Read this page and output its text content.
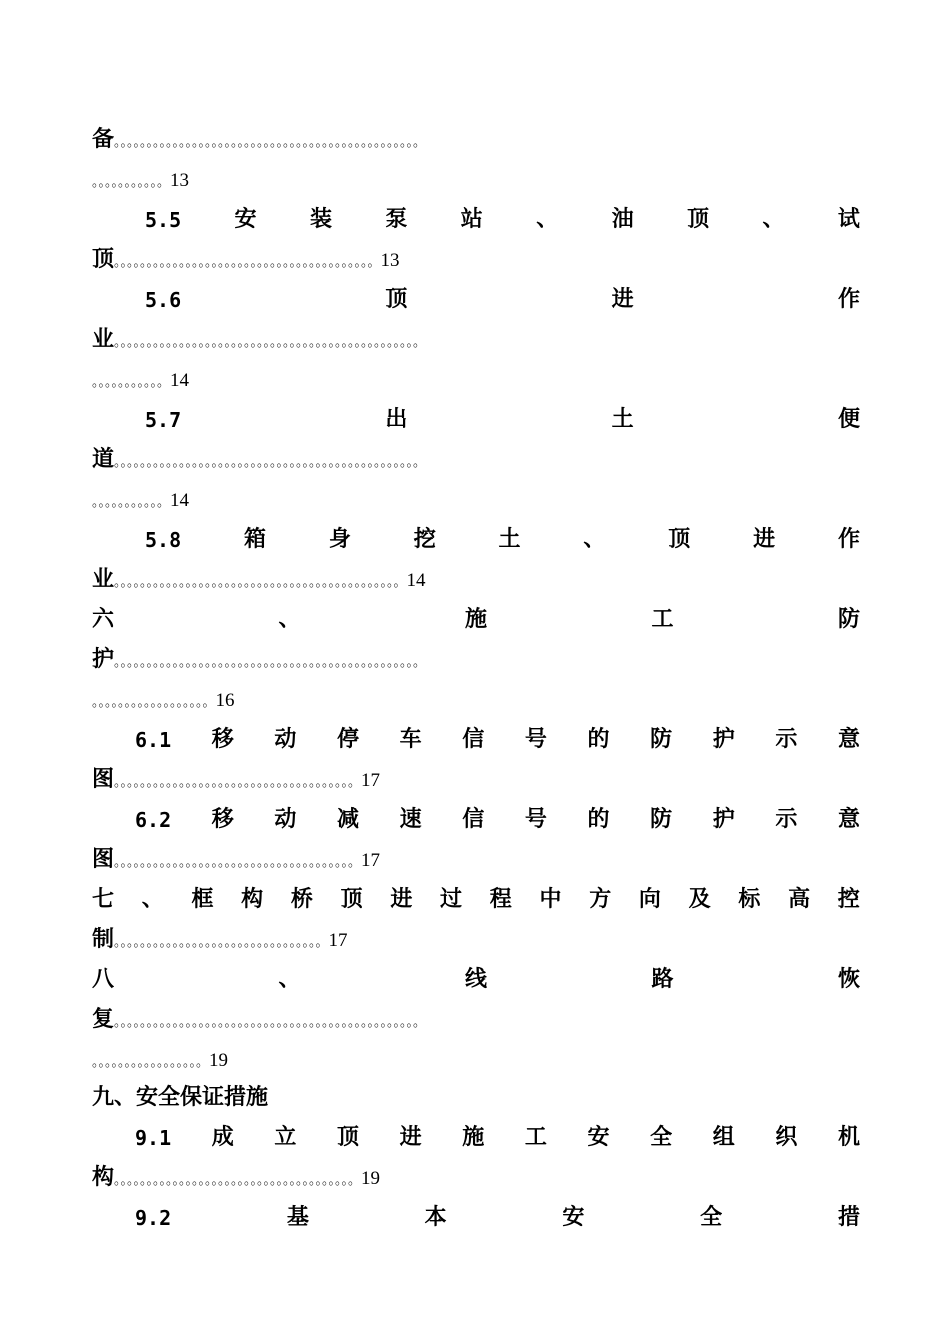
备。。。。。。。。。。。。。。。。。。。。。。。。。。。。。。。。。。。。。。。。。。。。。。。
。。。。。。。。。。。13
5.5 安 装 泵 站 、 油 顶 、 试
顶。。。。。。。。。。。。。。。。。。。。。。。。。。。。。。。。。。。。。。。。13
5.6	顶	进	作
业。。。。。。。。。。。。。。。。。。。。。。。。。。。。。。。。。。。。。。。。。。。。。。。
。。。。。。。。。。。14
5.7	出	土	便
道。。。。。。。。。。。。。。。。。。。。。。。。。。。。。。。。。。。。。。。。。。。。。。。
。。。。。。。。。。。14
5.8	箱	身	挖	土	、	顶	进	作
业。。。。。。。。。。。。。。。。。。。。。。。。。。。。。。。。。。。。。。。。。。。。14
六	、	施	工	防
护。。。。。。。。。。。。。。。。。。。。。。。。。。。。。。。。。。。。。。。。。。。。。。。
。。。。。。。。。。。。。。。。。。16
6.1 移 动 停 车 信 号 的 防 护 示 意
图。。。。。。。。。。。。。。。。。。。。。。。。。。。。。。。。。。。。。17
6.2 移 动 减 速 信 号 的 防 护 示 意
图。。。。。。。。。。。。。。。。。。。。。。。。。。。。。。。。。。。。。17
七 、 框 构 桥 顶 进 过 程 中 方 向 及 标 高 控
制。。。。。。。。。。。。。。。。。。。。。。。。。。。。。。。。17
八	、	线	路	恢
复。。。。。。。。。。。。。。。。。。。。。。。。。。。。。。。。。。。。。。。。。。。。。。。
。。。。。。。。。。。。。。。。。19
九、安全保证措施
9.1 成 立 顶 进 施 工 安 全 组 织 机
构。。。。。。。。。。。。。。。。。。。。。。。。。。。。。。。。。。。。。19
9.2	基	本	安	全	措
